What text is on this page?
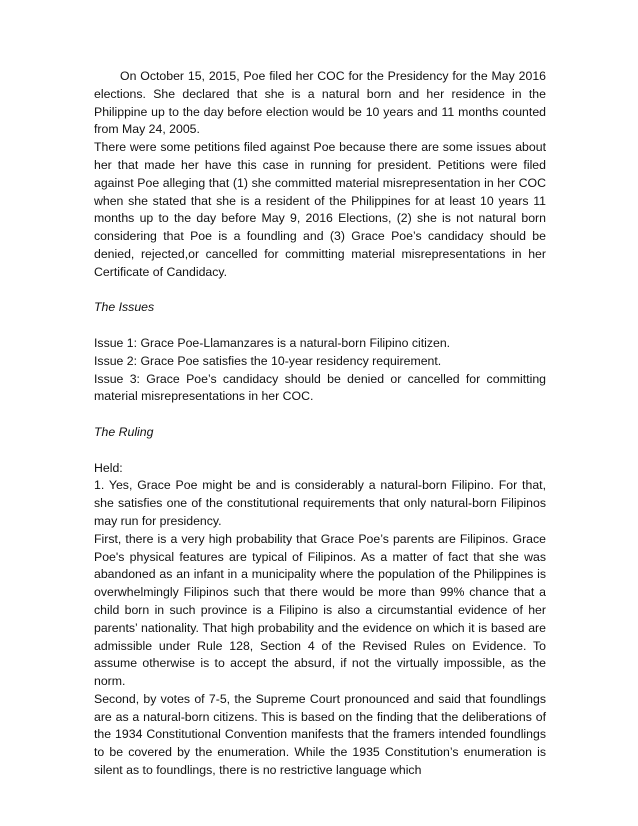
On October 15, 2015, Poe filed her COC for the Presidency for the May 2016 elections. She declared that she is a natural born and her residence in the Philippine up to the day before election would be 10 years and 11 months counted from May 24, 2005.

There were some petitions filed against Poe because there are some issues about her that made her have this case in running for president. Petitions were filed against Poe alleging that (1) she committed material misrepresentation in her COC when she stated that she is a resident of the Philippines for at least 10 years 11 months up to the day before May 9, 2016 Elections, (2) she is not natural born considering that Poe is a foundling and (3) Grace Poe’s candidacy should be denied, rejected,or cancelled for committing material misrepresentations in her Certificate of Candidacy.

The Issues

Issue 1: Grace Poe-Llamanzares is a natural-born Filipino citizen.

Issue 2: Grace Poe satisfies the 10-year residency requirement.

Issue 3: Grace Poe’s candidacy should be denied or cancelled for committing material misrepresentations in her COC.

The Ruling

Held:

1. Yes, Grace Poe might be and is considerably a natural-born Filipino. For that, she satisfies one of the constitutional requirements that only natural-born Filipinos may run for presidency.

First, there is a very high probability that Grace Poe’s parents are Filipinos. Grace Poe's physical features are typical of Filipinos. As a matter of fact that she was abandoned as an infant in a municipality where the population of the Philippines is overwhelmingly Filipinos such that there would be more than 99% chance that a child born in such province is a Filipino is also a circumstantial evidence of her parents’ nationality. That high probability and the evidence on which it is based are admissible under Rule 128, Section 4 of the Revised Rules on Evidence. To assume otherwise is to accept the absurd, if not the virtually impossible, as the norm.

Second, by votes of 7-5, the Supreme Court pronounced and said that foundlings are as a natural-born citizens. This is based on the finding that the deliberations of the 1934 Constitutional Convention manifests that the framers intended foundlings to be covered by the enumeration. While the 1935 Constitution’s enumeration is silent as to foundlings, there is no restrictive language which
